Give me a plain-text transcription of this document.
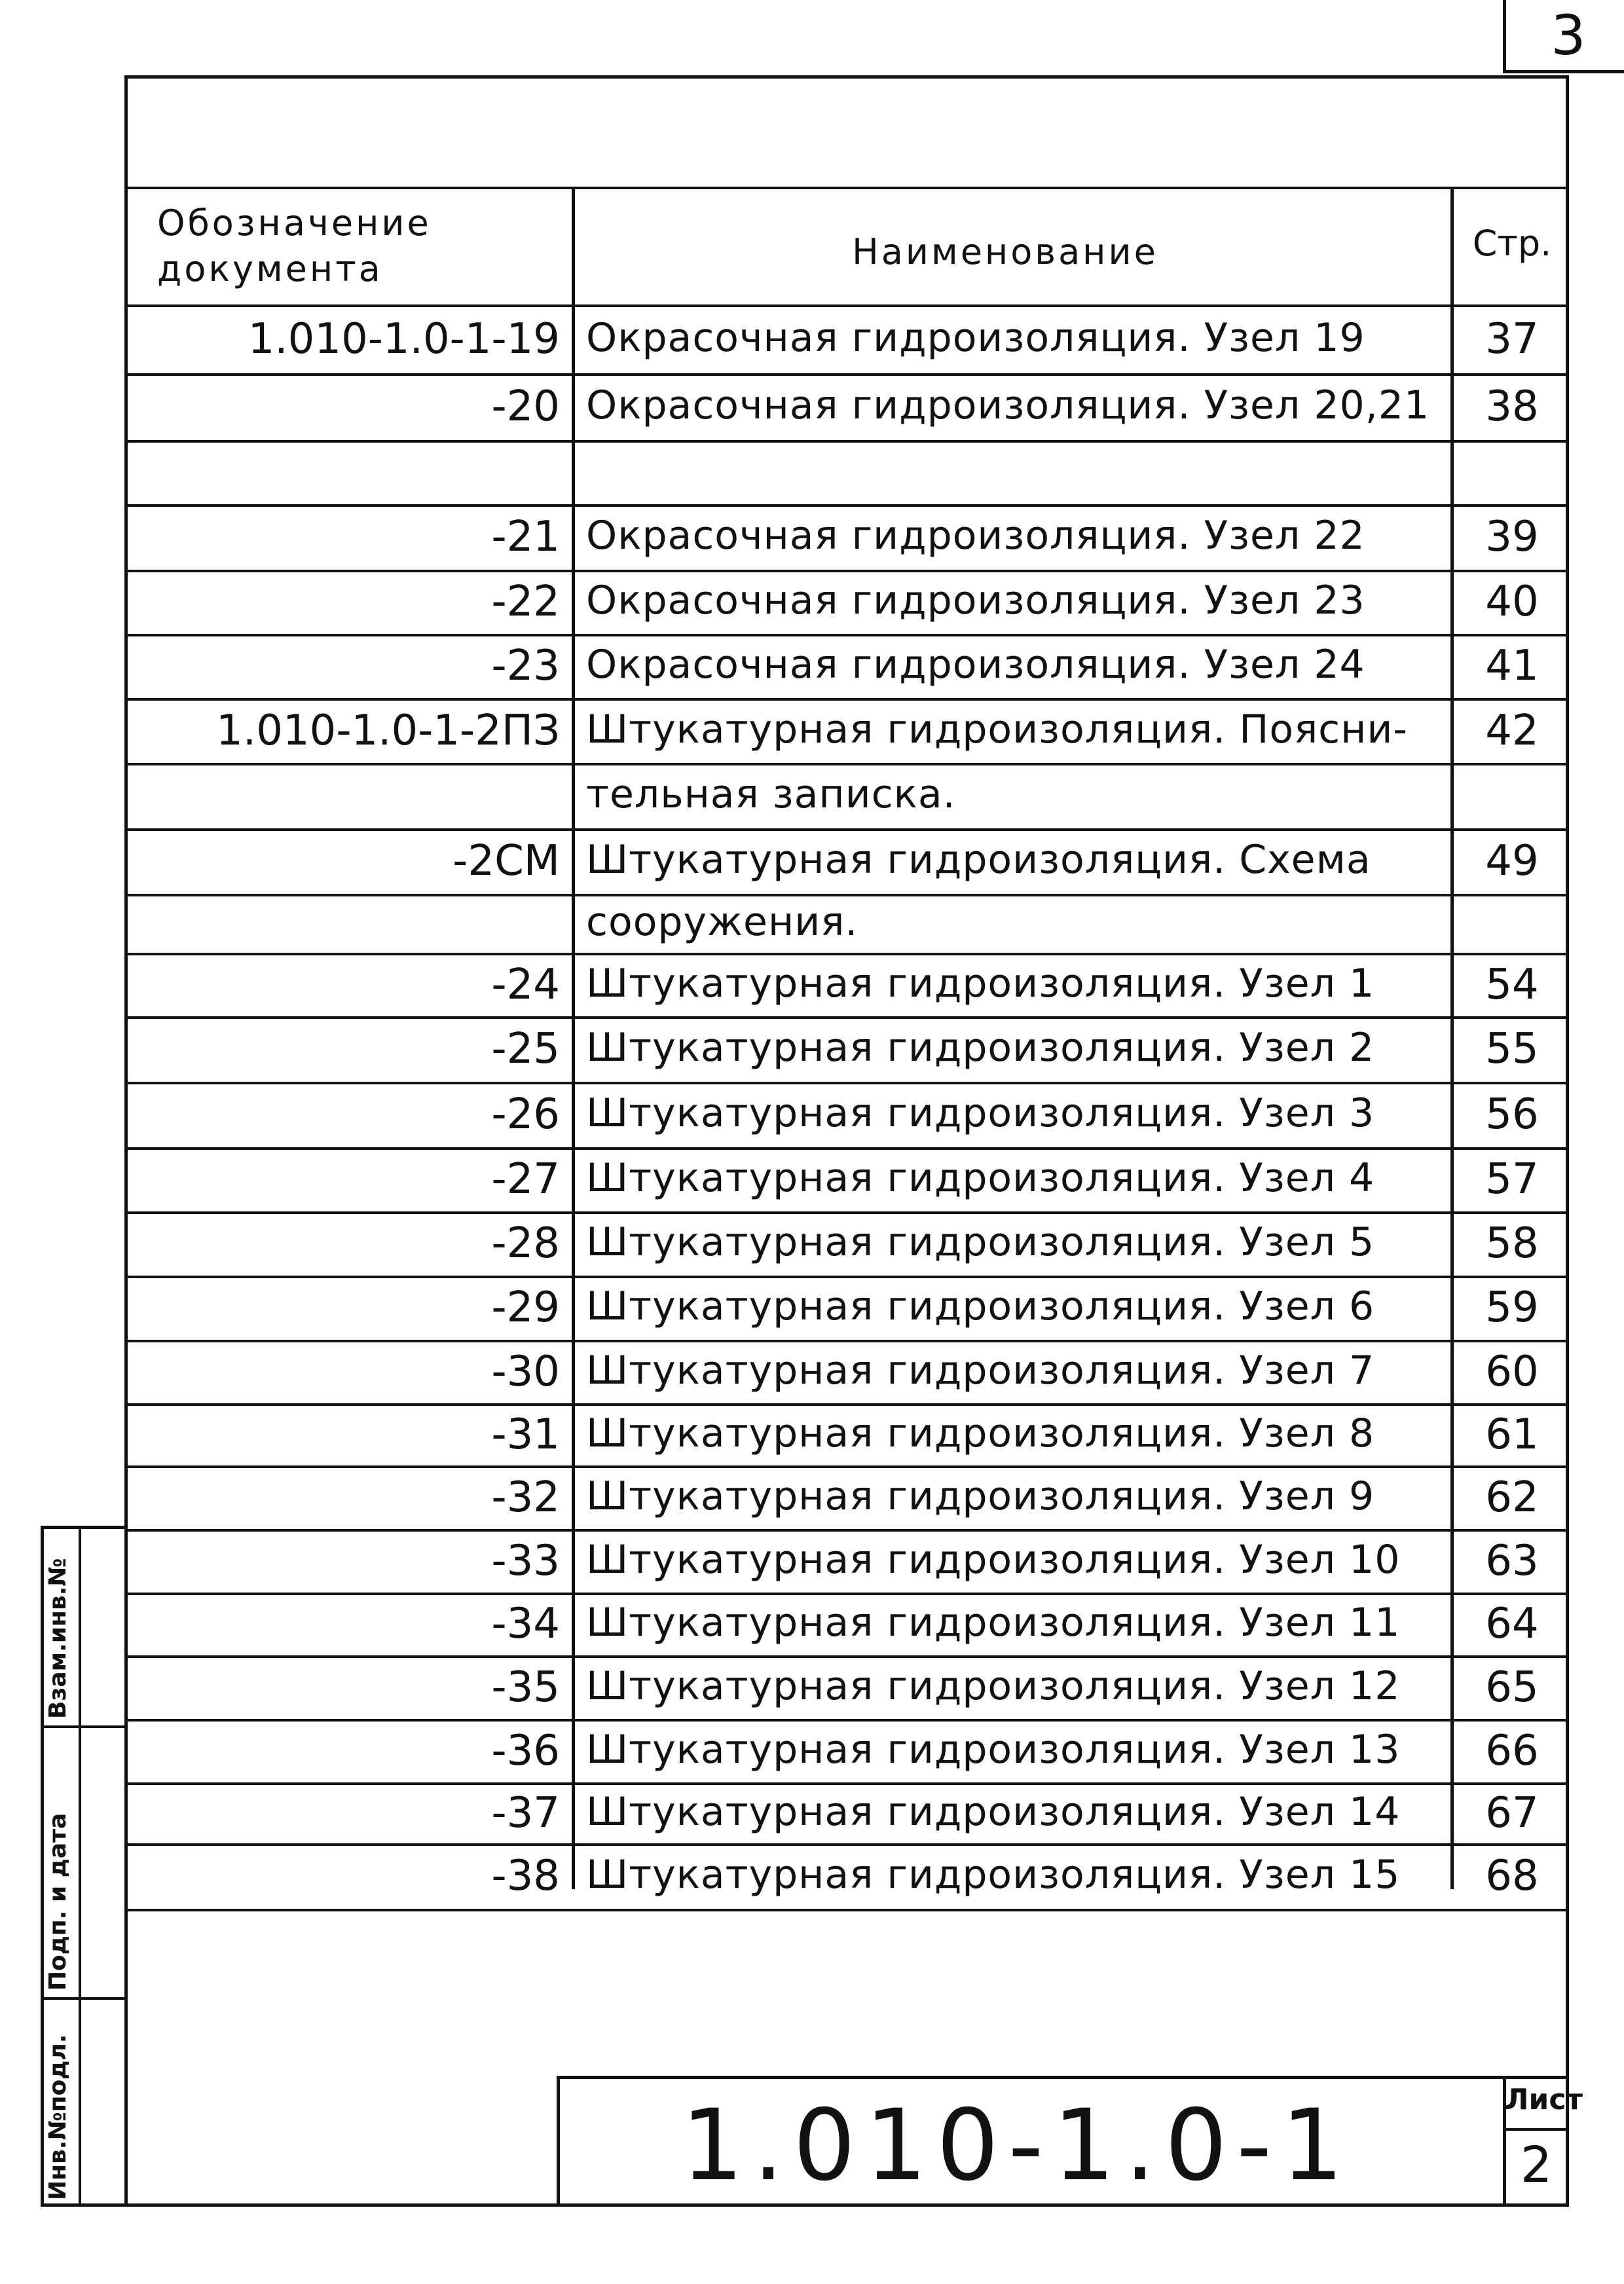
3
Обозначение документа	Наименование	Стр.
1.010-1.0-1-19 Окрасочная гидроизоляция. Узел 19	37
-20 Окрасочная гидроизоляция. Узел 20,21	38
-21 Окрасочная гидроизоляция. Узел 22	39
-22 Окрасочная гидроизоляция. Узел 23	40
-23 Окрасочная гидроизоляция. Узел 24	41
1.010-1.0-1-2ПЗ Штукатурная гидроизоляция. Поясни-	42
тельная записка.
-2СМ Штукатурная гидроизоляция. Схема	49
сооружения.
-24 Штукатурная гидроизоляция. Узел 1	54
-25 Штукатурная гидроизоляция. Узел 2	55
-26 Штукатурная гидроизоляция. Узел 3	56
-27 Штукатурная гидроизоляция. Узел 4	57
-28 Штукатурная гидроизоляция. Узел 5	58
-29 Штукатурная гидроизоляция. Узел 6	59
-30 Штукатурная гидроизоляция. Узел 7	60
-31 Штукатурная гидроизоляция. Узел 8	61
-32 Штукатурная гидроизоляция. Узел 9	62
-33 Штукатурная гидроизоляция. Узел 10	63
-34 Штукатурная гидроизоляция. Узел 11	64
-35 Штукатурная гидроизоляция. Узел 12	65
-36 Штукатурная гидроизоляция. Узел 13	66
-37 Штукатурная гидроизоляция. Узел 14	67
-38 Штукатурная гидроизоляция. Узел 15	68
1.010-1.0-1	Лист
2
Инв.№подл.
Подп. и дата
Взам.инв.№
